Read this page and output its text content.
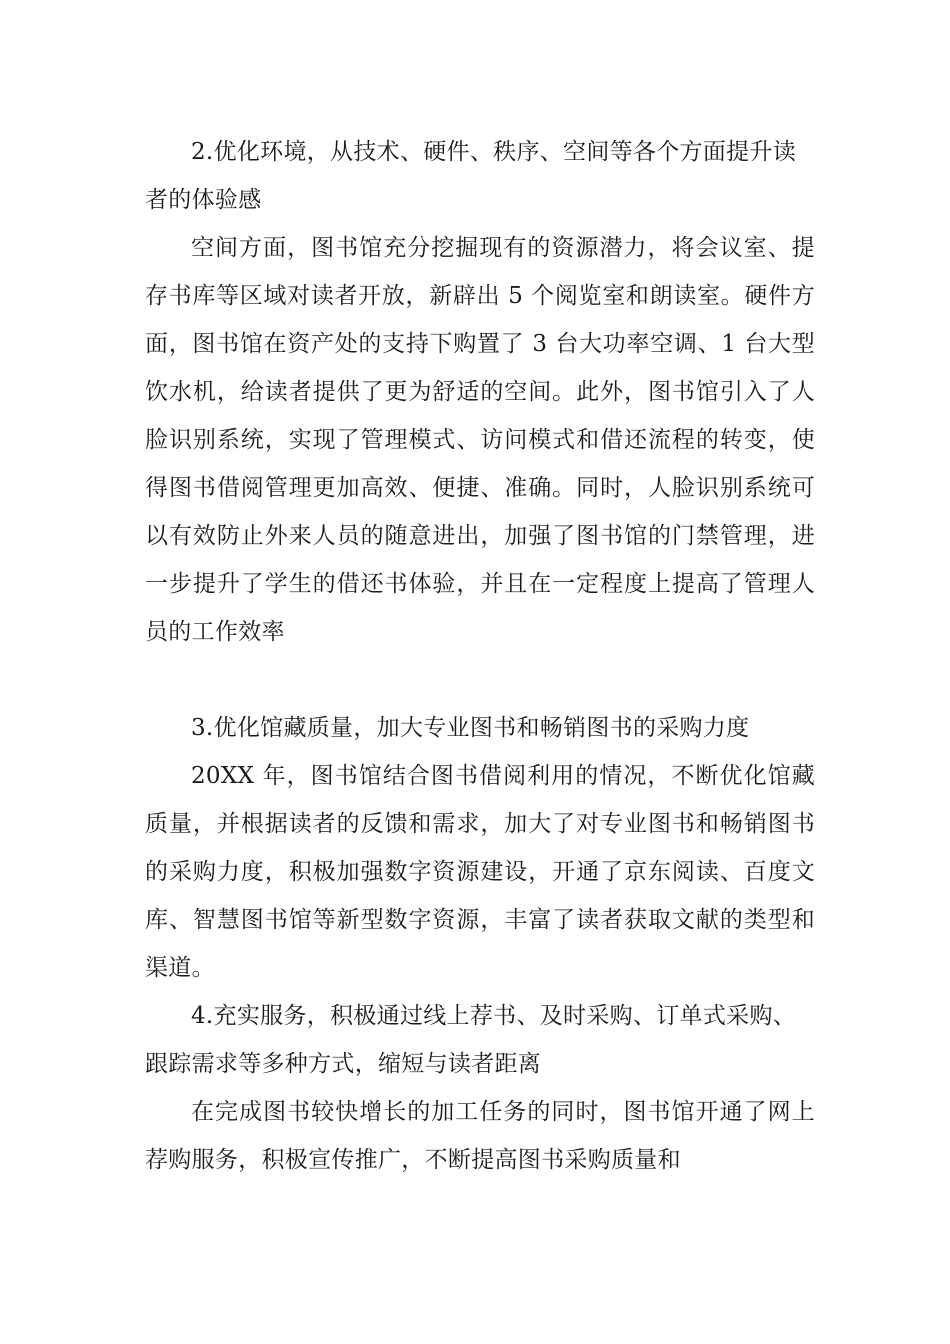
2.优化环境，从技术、硬件、秩序、空间等各个方面提升读者的体验感

空间方面，图书馆充分挖掘现有的资源潜力，将会议室、提存书库等区域对读者开放，新辟出 5 个阅览室和朗读室。硬件方面，图书馆在资产处的支持下购置了 3 台大功率空调、1 台大型饮水机，给读者提供了更为舒适的空间。此外，图书馆引入了人脸识别系统，实现了管理模式、访问模式和借还流程的转变，使得图书借阅管理更加高效、便捷、准确。同时，人脸识别系统可以有效防止外来人员的随意进出，加强了图书馆的门禁管理，进一步提升了学生的借还书体验，并且在一定程度上提高了管理人员的工作效率

3.优化馆藏质量，加大专业图书和畅销图书的采购力度

20XX 年，图书馆结合图书借阅利用的情况，不断优化馆藏质量，并根据读者的反馈和需求，加大了对专业图书和畅销图书的采购力度，积极加强数字资源建设，开通了京东阅读、百度文库、智慧图书馆等新型数字资源，丰富了读者获取文献的类型和渠道。

4.充实服务，积极通过线上荐书、及时采购、订单式采购、跟踪需求等多种方式，缩短与读者距离

在完成图书较快增长的加工任务的同时，图书馆开通了网上荐购服务，积极宣传推广，不断提高图书采购质量和
